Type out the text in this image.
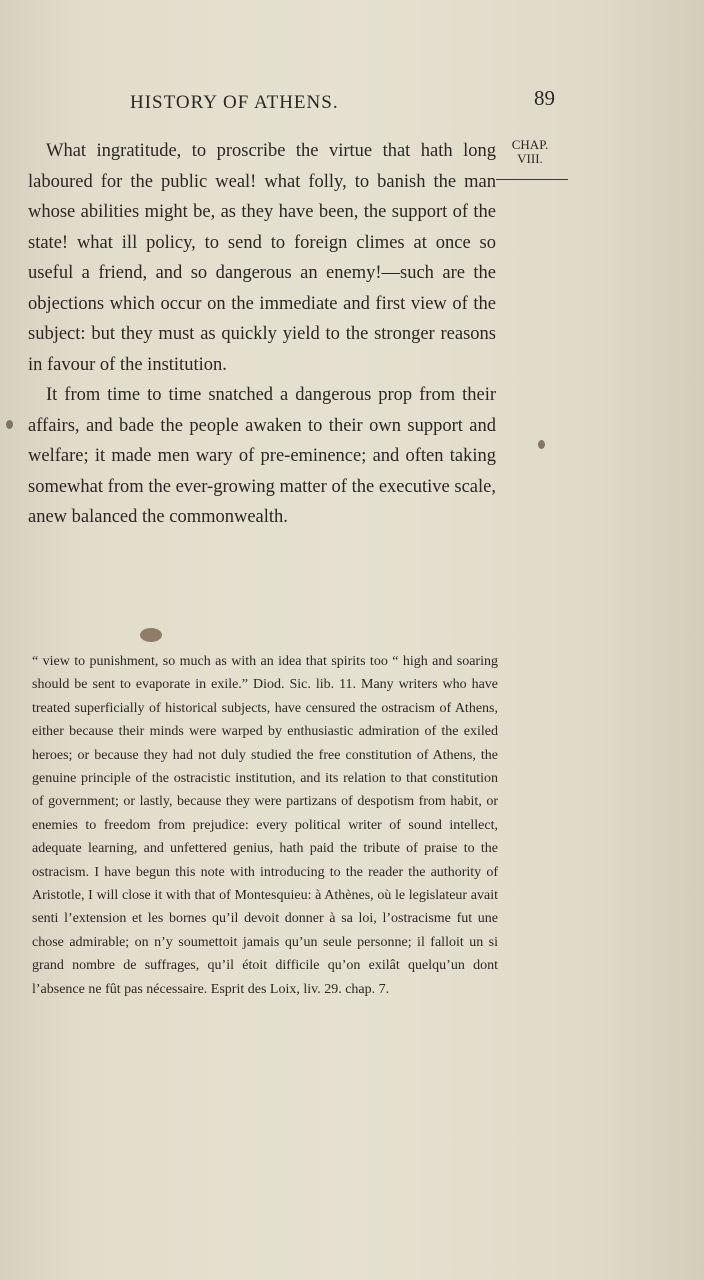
HISTORY OF ATHENS.	89
CHAP.
VIII.

What ingratitude, to proscribe the virtue that hath long laboured for the public weal! what folly, to banish the man whose abilities might be, as they have been, the support of the state! what ill policy, to send to foreign climes at once so useful a friend, and so dangerous an enemy!—such are the objections which occur on the immediate and first view of the subject: but they must as quickly yield to the stronger reasons in favour of the institution.

It from time to time snatched a dangerous prop from their affairs, and bade the people awaken to their own support and welfare; it made men wary of pre-eminence; and often taking somewhat from the ever-growing matter of the executive scale, anew balanced the commonwealth.

“ view to punishment, so much as with an idea that spirits too “ high and soaring should be sent to evaporate in exile.” Diod. Sic. lib. 11. Many writers who have treated superficially of historical subjects, have censured the ostracism of Athens, either because their minds were warped by enthusiastic admiration of the exiled heroes; or because they had not duly studied the free constitution of Athens, the genuine principle of the ostracistic institution, and its relation to that constitution of government; or lastly, because they were partizans of despotism from habit, or enemies to freedom from prejudice: every political writer of sound intellect, adequate learning, and unfettered genius, hath paid the tribute of praise to the ostracism. I have begun this note with introducing to the reader the authority of Aristotle, I will close it with that of Montesquieu: à Athènes, où le legislateur avait senti l’extension et les bornes qu’il devoit donner à sa loi, l’ostracisme fut une chose admirable; on n’y soumettoit jamais qu’un seule personne; il falloit un si grand nombre de suffrages, qu’il étoit difficile qu’on exilât quelqu’un dont l’absence ne fût pas nécessaire. Esprit des Loix, liv. 29. chap. 7.
